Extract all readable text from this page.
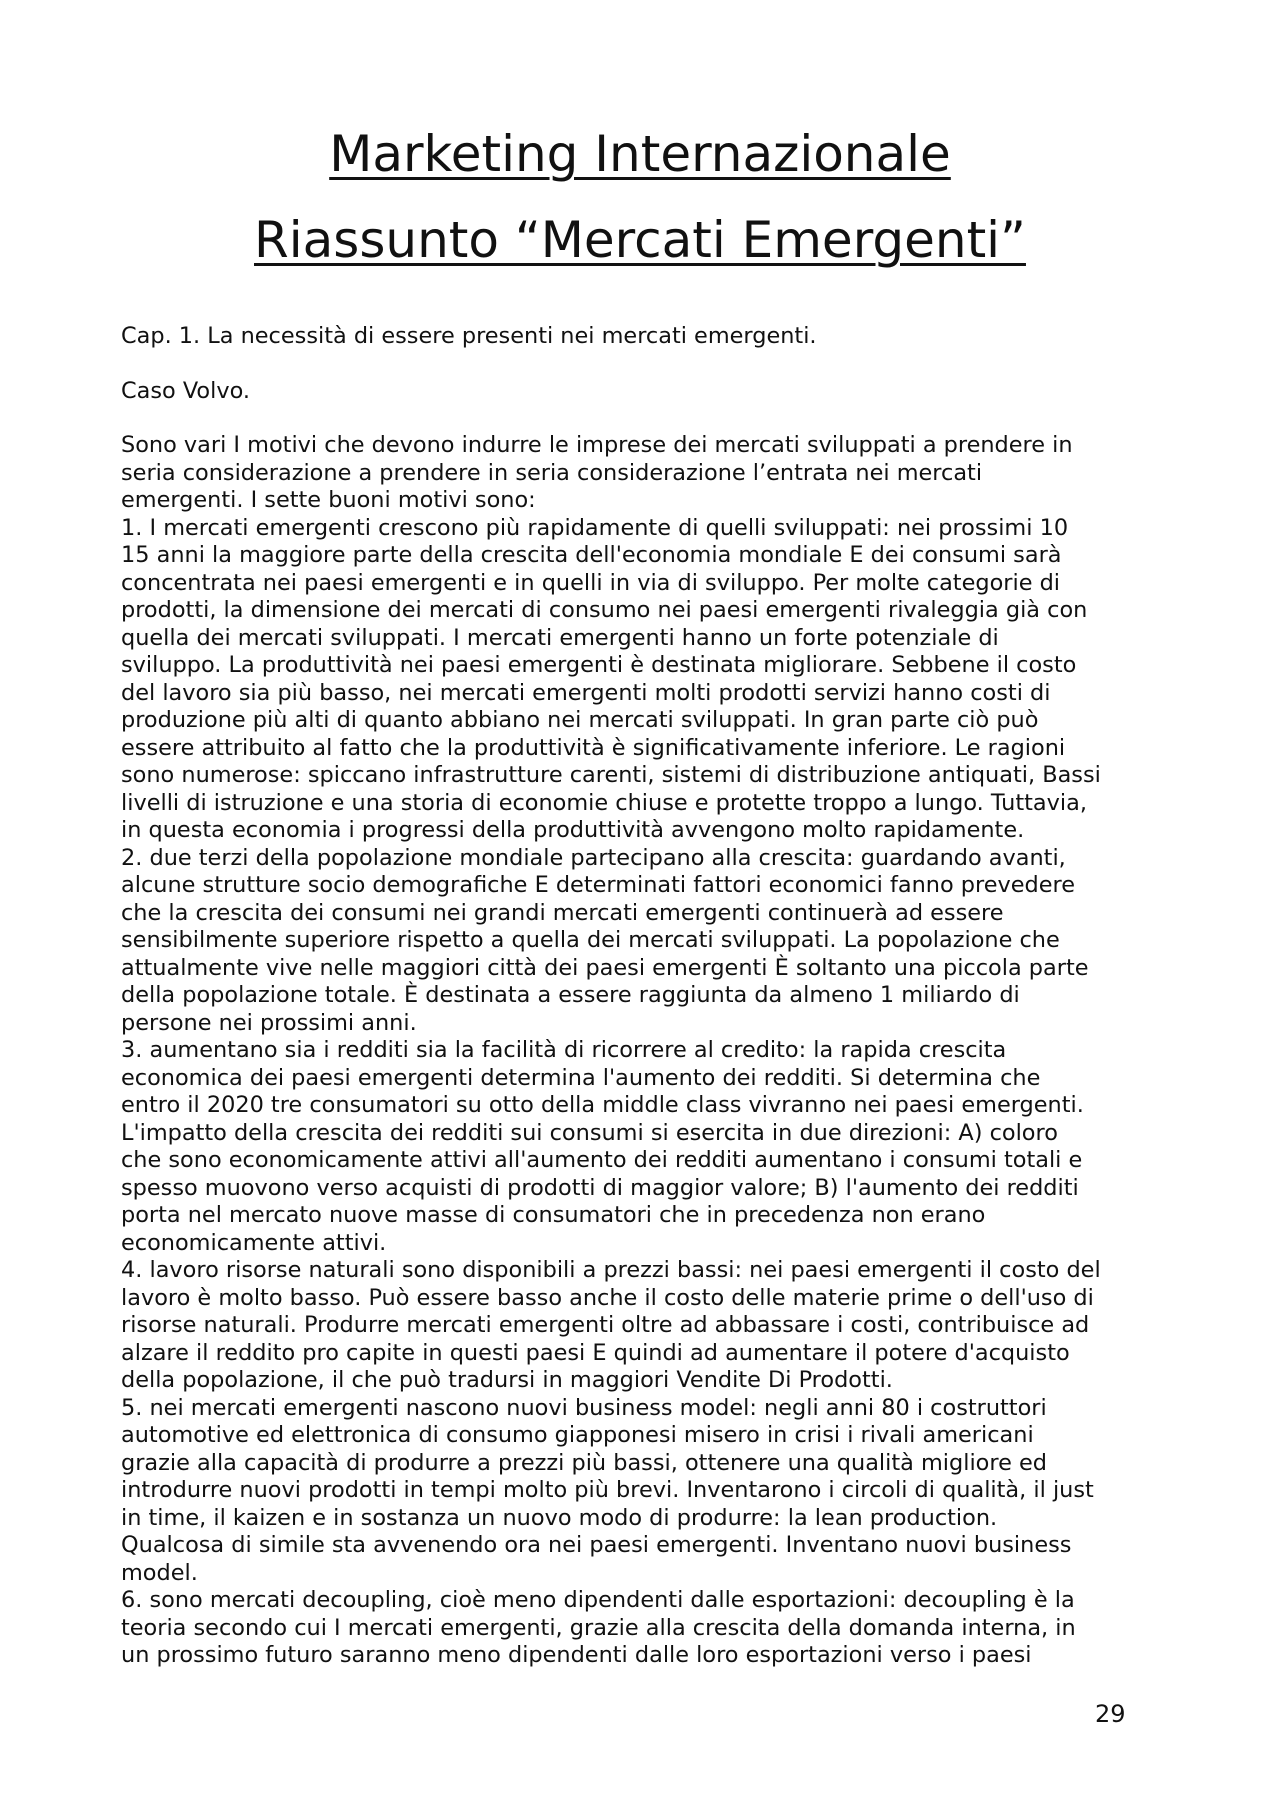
Marketing Internazionale
Riassunto “Mercati Emergenti”

Cap. 1. La necessità di essere presenti nei mercati emergenti.

Caso Volvo.

Sono vari I motivi che devono indurre le imprese dei mercati sviluppati a prendere in

seria considerazione a prendere in seria considerazione l’entrata nei mercati

emergenti. I sette buoni motivi sono:

1. I mercati emergenti crescono più rapidamente di quelli sviluppati: nei prossimi 10

15 anni la maggiore parte della crescita dell'economia mondiale E dei consumi sarà

concentrata nei paesi emergenti e in quelli in via di sviluppo. Per molte categorie di

prodotti, la dimensione dei mercati di consumo nei paesi emergenti rivaleggia già con

quella dei mercati sviluppati. I mercati emergenti hanno un forte potenziale di

sviluppo. La produttività nei paesi emergenti è destinata migliorare. Sebbene il costo

del lavoro sia più basso, nei mercati emergenti molti prodotti servizi hanno costi di

produzione più alti di quanto abbiano nei mercati sviluppati. In gran parte ciò può

essere attribuito al fatto che la produttività è significativamente inferiore. Le ragioni

sono numerose: spiccano infrastrutture carenti, sistemi di distribuzione antiquati, Bassi

livelli di istruzione e una storia di economie chiuse e protette troppo a lungo. Tuttavia,

in questa economia i progressi della produttività avvengono molto rapidamente.

2. due terzi della popolazione mondiale partecipano alla crescita: guardando avanti,

alcune strutture socio demografiche E determinati fattori economici fanno prevedere

che la crescita dei consumi nei grandi mercati emergenti continuerà ad essere

sensibilmente superiore rispetto a quella dei mercati sviluppati. La popolazione che

attualmente vive nelle maggiori città dei paesi emergenti È soltanto una piccola parte

della popolazione totale. È destinata a essere raggiunta da almeno 1 miliardo di

persone nei prossimi anni.

3. aumentano sia i redditi sia la facilità di ricorrere al credito: la rapida crescita

economica dei paesi emergenti determina l'aumento dei redditi. Si determina che

entro il 2020 tre consumatori su otto della middle class vivranno nei paesi emergenti.

L'impatto della crescita dei redditi sui consumi si esercita in due direzioni: A) coloro

che sono economicamente attivi all'aumento dei redditi aumentano i consumi totali e

spesso muovono verso acquisti di prodotti di maggior valore; B) l'aumento dei redditi

porta nel mercato nuove masse di consumatori che in precedenza non erano

economicamente attivi.

4. lavoro risorse naturali sono disponibili a prezzi bassi: nei paesi emergenti il costo del

lavoro è molto basso. Può essere basso anche il costo delle materie prime o dell'uso di

risorse naturali. Produrre mercati emergenti oltre ad abbassare i costi, contribuisce ad

alzare il reddito pro capite in questi paesi E quindi ad aumentare il potere d'acquisto

della popolazione, il che può tradursi in maggiori Vendite Di Prodotti.

5. nei mercati emergenti nascono nuovi business model: negli anni 80 i costruttori

automotive ed elettronica di consumo giapponesi misero in crisi i rivali americani

grazie alla capacità di produrre a prezzi più bassi, ottenere una qualità migliore ed

introdurre nuovi prodotti in tempi molto più brevi. Inventarono i circoli di qualità, il just

in time, il kaizen e in sostanza un nuovo modo di produrre: la lean production.

Qualcosa di simile sta avvenendo ora nei paesi emergenti. Inventano nuovi business

model.

6. sono mercati decoupling, cioè meno dipendenti dalle esportazioni: decoupling è la

teoria secondo cui I mercati emergenti, grazie alla crescita della domanda interna, in

un prossimo futuro saranno meno dipendenti dalle loro esportazioni verso i paesi

29
